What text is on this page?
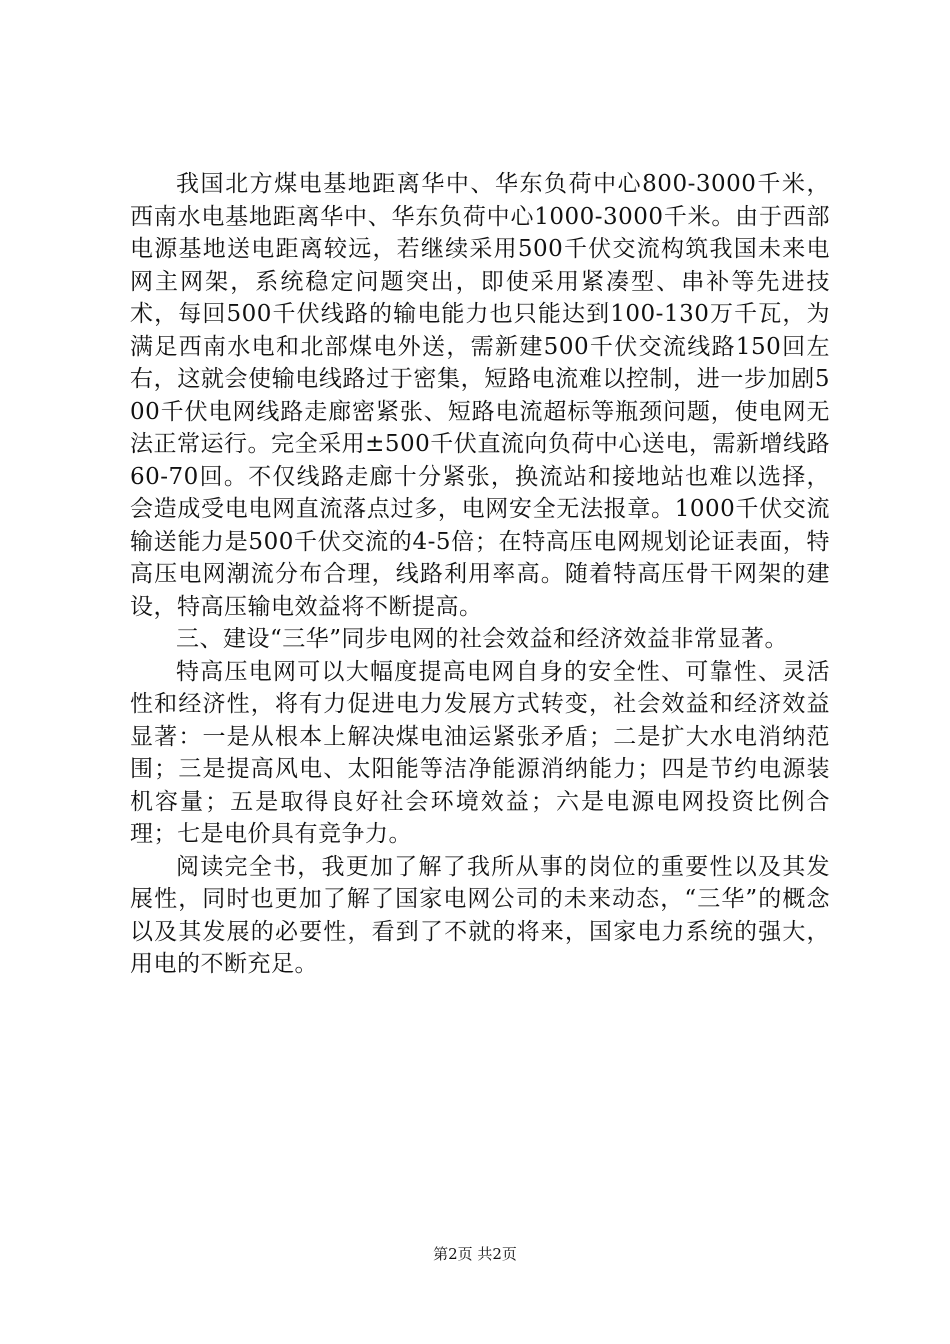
我国北方煤电基地距离华中、华东负荷中心800-3000千米，西南水电基地距离华中、华东负荷中心1000-3000千米。由于西部电源基地送电距离较远，若继续采用500千伏交流构筑我国未来电网主网架，系统稳定问题突出，即使采用紧凑型、串补等先进技术，每回500千伏线路的输电能力也只能达到100-130万千瓦，为满足西南水电和北部煤电外送，需新建500千伏交流线路150回左右，这就会使输电线路过于密集，短路电流难以控制，进一步加剧500千伏电网线路走廊密紧张、短路电流超标等瓶颈问题，使电网无法正常运行。完全采用±500千伏直流向负荷中心送电，需新增线路60-70回。不仅线路走廊十分紧张，换流站和接地站也难以选择，会造成受电电网直流落点过多，电网安全无法报章。1000千伏交流输送能力是500千伏交流的4-5倍；在特高压电网规划论证表面，特高压电网潮流分布合理，线路利用率高。随着特高压骨干网架的建设，特高压输电效益将不断提高。

三、建设“三华”同步电网的社会效益和经济效益非常显著。

特高压电网可以大幅度提高电网自身的安全性、可靠性、灵活性和经济性，将有力促进电力发展方式转变，社会效益和经济效益显著：一是从根本上解决煤电油运紧张矛盾；二是扩大水电消纳范围；三是提高风电、太阳能等洁净能源消纳能力；四是节约电源装机容量；五是取得良好社会环境效益；六是电源电网投资比例合理；七是电价具有竞争力。

阅读完全书，我更加了解了我所从事的岗位的重要性以及其发展性，同时也更加了解了国家电网公司的未来动态，“三华”的概念以及其发展的必要性，看到了不就的将来，国家电力系统的强大，用电的不断充足。

第2页 共2页
